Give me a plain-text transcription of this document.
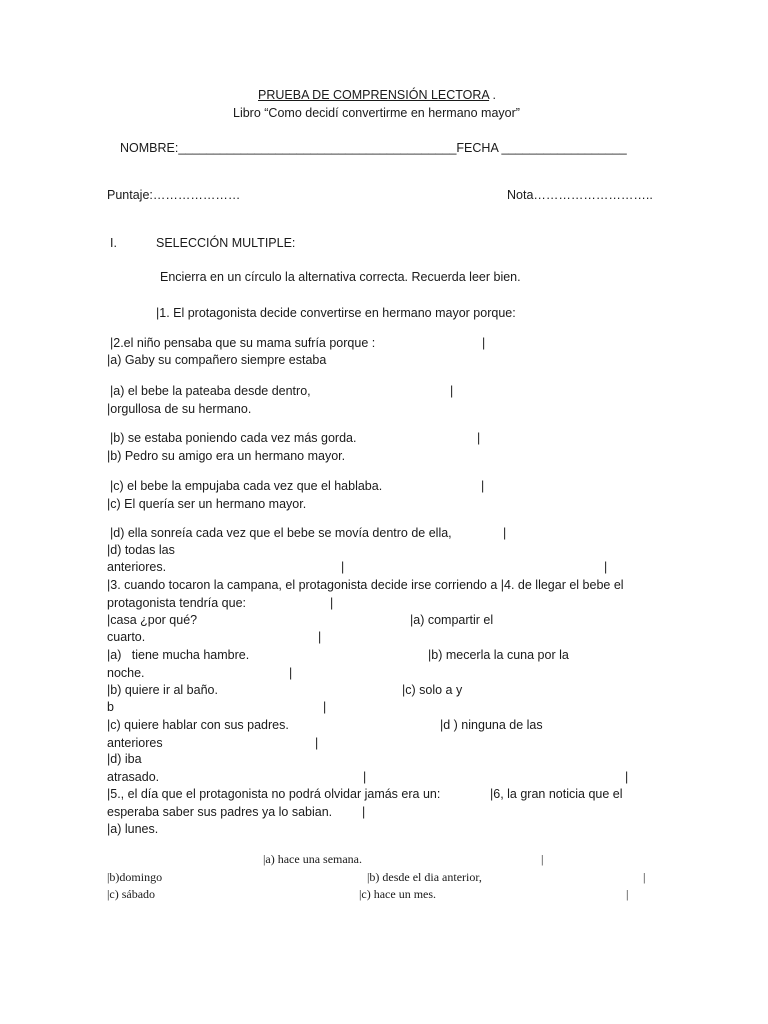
PRUEBA DE COMPRENSIÓN LECTORA .
Libro “Como decidí convertirme en hermano mayor”
NOMBRE:________________________________________FECHA __________________
Puntaje:…………………	Nota………………………..
I.	SELECCIÓN MULTIPLE:
Encierra en un círculo la alternativa correcta. Recuerda leer bien.
|1. El protagonista decide convertirse en hermano mayor porque:
|2.el niño pensaba que su mama sufría porque :	|
|a) Gaby su compañero siempre estaba
|a) el bebe la pateaba desde dentro,	|
|orgullosa de su hermano.
|b) se estaba poniendo cada vez más gorda.	|
|b) Pedro su amigo era un hermano mayor.
|c) el bebe la empujaba cada vez que el hablaba.	|
|c) El quería ser un hermano mayor.
|d) ella sonreía cada vez que el bebe se movía dentro de ella,	|
|d) todas las
anteriores.	|	|
|3. cuando tocaron la campana, el protagonista decide irse corriendo a |4. de llegar el bebe el
protagonista tendría que:	|
|casa ¿por qué?	|a) compartir el
cuarto.	|
|a)   tiene mucha hambre.	|b) mecerla la cuna por la
noche.	|
|b) quiere ir al baño.	|c) solo a y
b	|
|c) quiere hablar con sus padres.	|d ) ninguna de las
anteriores	|
|d) iba
atrasado.	|	|
|5., el día que el protagonista no podrá olvidar jamás era un:	|6, la gran noticia que el
esperaba saber sus padres ya lo sabian. |
|a) lunes.
|a) hace una semana.	|
|b)domingo	|b) desde el dia anterior,	|
|c) sábado	|c) hace un mes.	|
